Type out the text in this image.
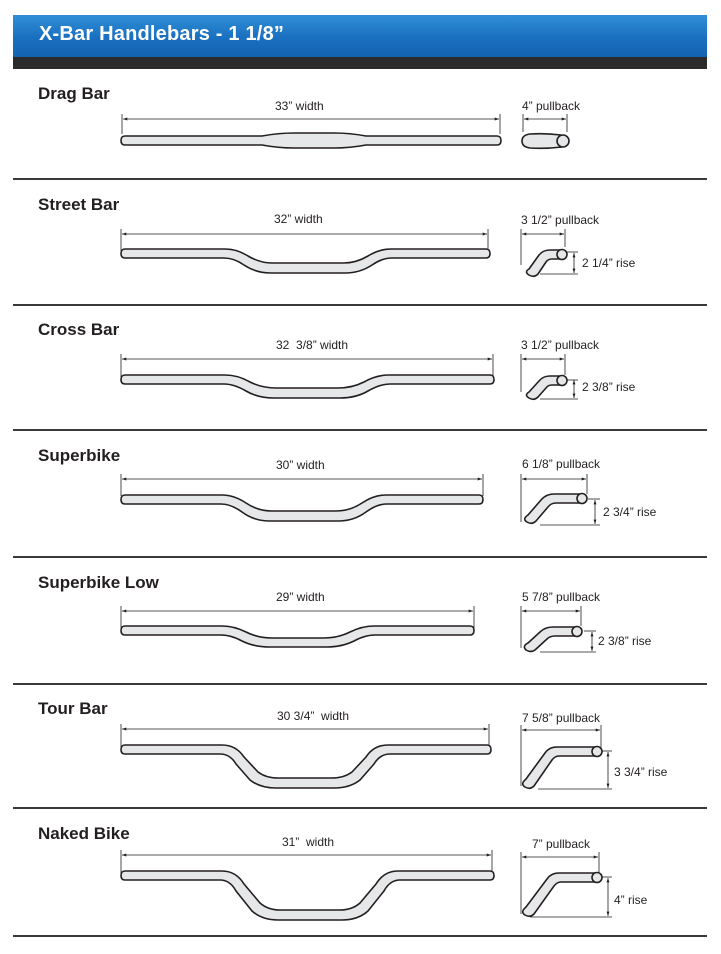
X-Bar Handlebars - 1 1/8”
Drag Bar
33” width	4” pullback
Street Bar
32” width	3 1/2” pullback
2 1/4” rise
Cross Bar
32  3/8” width	3 1/2” pullback
2 3/8” rise
Superbike	30” width	6 1/8” pullback
2 3/4” rise
Superbike Low
29” width	5 7/8” pullback
2 3/8” rise
Tour Bar	30 3/4”  width	7 5/8” pullback
3 3/4” rise
Naked Bike	31”  width	7” pullback
4” rise
